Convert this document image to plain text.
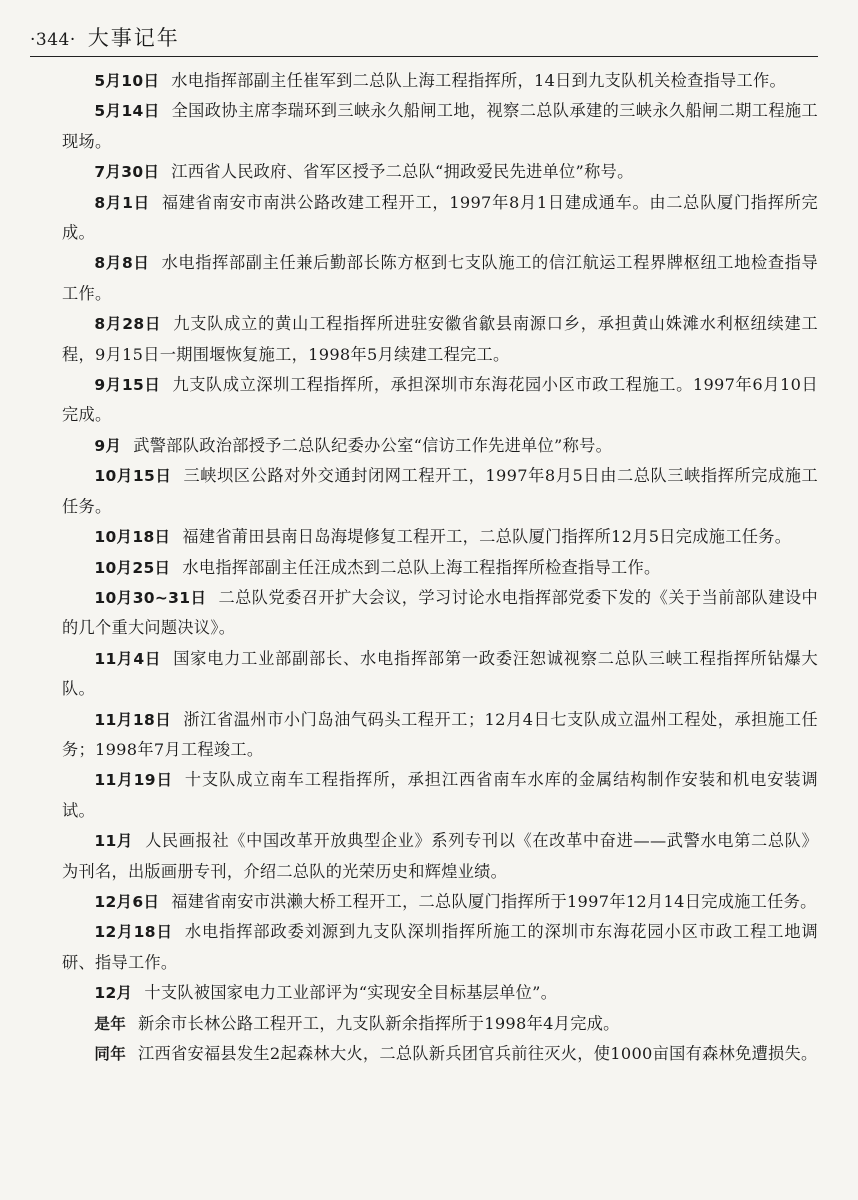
·344· 大事记年

5月10日 水电指挥部副主任崔军到二总队上海工程指挥所，14日到九支队机关检查指导工作。

5月14日 全国政协主席李瑞环到三峡永久船闸工地，视察二总队承建的三峡永久船闸二期工程施工现场。

7月30日 江西省人民政府、省军区授予二总队“拥政爱民先进单位”称号。

8月1日 福建省南安市南洪公路改建工程开工，1997年8月1日建成通车。由二总队厦门指挥所完成。

8月8日 水电指挥部副主任兼后勤部长陈方枢到七支队施工的信江航运工程界牌枢纽工地检查指导工作。

8月28日 九支队成立的黄山工程指挥所进驻安徽省歙县南源口乡，承担黄山姝滩水利枢纽续建工程，9月15日一期围堰恢复施工，1998年5月续建工程完工。

9月15日 九支队成立深圳工程指挥所，承担深圳市东海花园小区市政工程施工。1997年6月10日完成。

9月 武警部队政治部授予二总队纪委办公室“信访工作先进单位”称号。

10月15日 三峡坝区公路对外交通封闭网工程开工，1997年8月5日由二总队三峡指挥所完成施工任务。

10月18日 福建省莆田县南日岛海堤修复工程开工，二总队厦门指挥所12月5日完成施工任务。

10月25日 水电指挥部副主任汪成杰到二总队上海工程指挥所检查指导工作。

10月30~31日 二总队党委召开扩大会议，学习讨论水电指挥部党委下发的《关于当前部队建设中的几个重大问题决议》。

11月4日 国家电力工业部副部长、水电指挥部第一政委汪恕诚视察二总队三峡工程指挥所钻爆大队。

11月18日 浙江省温州市小门岛油气码头工程开工；12月4日七支队成立温州工程处，承担施工任务；1998年7月工程竣工。

11月19日 十支队成立南车工程指挥所，承担江西省南车水库的金属结构制作安装和机电安装调试。

11月 人民画报社《中国改革开放典型企业》系列专刊以《在改革中奋进——武警水电第二总队》为刊名，出版画册专刊，介绍二总队的光荣历史和辉煌业绩。

12月6日 福建省南安市洪濑大桥工程开工，二总队厦门指挥所于1997年12月14日完成施工任务。

12月18日 水电指挥部政委刘源到九支队深圳指挥所施工的深圳市东海花园小区市政工程工地调研、指导工作。

12月 十支队被国家电力工业部评为“实现安全目标基层单位”。

是年 新余市长林公路工程开工，九支队新余指挥所于1998年4月完成。

同年 江西省安福县发生2起森林大火，二总队新兵团官兵前往灭火，使1000亩国有森林免遭损失。
